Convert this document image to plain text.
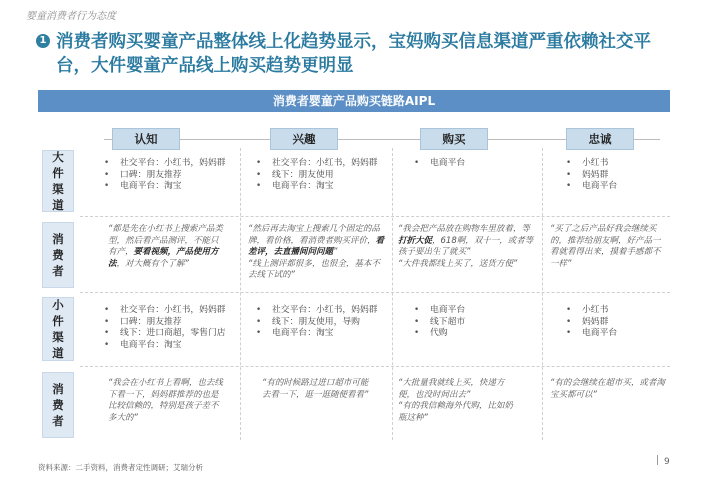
婴童消费者行为态度
1 消费者购买婴童产品整体线上化趋势显示，宝妈购买信息渠道严重依赖社交平台，大件婴童产品线上购买趋势更明显
消费者婴童产品购买链路AIPL
认知	兴趣	购买	忠诚
大件渠道
• 社交平台：小红书，妈妈群
• 口碑：朋友推荐
• 电商平台：淘宝
• 社交平台：小红书，妈妈群
• 线下：朋友使用
• 电商平台：淘宝
• 电商平台
•	小红书
• 妈妈群
• 电商平台
消费者
“都是先在小红书上搜索产品类型，然后看产品测评，不能只有产，要看视频，产品使用方法，对大概有个了解”
“然后再去淘宝上搜索几个固定的品牌，看价格，看消费者购买评价，看差评，去直播间问问题”
“线上测评都很多，也很全，基本不去线下试的”
“我会把产品放在购物车里放着，等打折大促，618啊，双十一，或者等孩子要出生了就买”
“大件我都线上买了，送货方便”
“买了之后产品好我会继续买的，推荐给朋友啊，好产品一看就看得出来，摸着手感都不一样”
小件渠道
• 社交平台：小红书，妈妈群
• 口碑：朋友推荐
• 线下：进口商超，零售门店
• 电商平台：淘宝
• 社交平台：小红书，妈妈群
• 线下：朋友使用，导购
• 电商平台：淘宝
• 电商平台
• 线下超市
• 代购
• 小红书
• 妈妈群
• 电商平台
消费者
“我会在小红书上看啊，也去线下看一下，妈妈群推荐的也是比较信赖的，特别是孩子差不多大的”
“有的时候路过进口超市可能去看一下，逛一逛随便看看”
“大批量我就线上买，快递方便，也没时间出去”
“有的我信赖海外代购，比如奶瓶这种”
“有的会继续在超市买，或者淘宝买都可以”
资料来源：二手资料，消费者定性调研；艾瑞分析
9
